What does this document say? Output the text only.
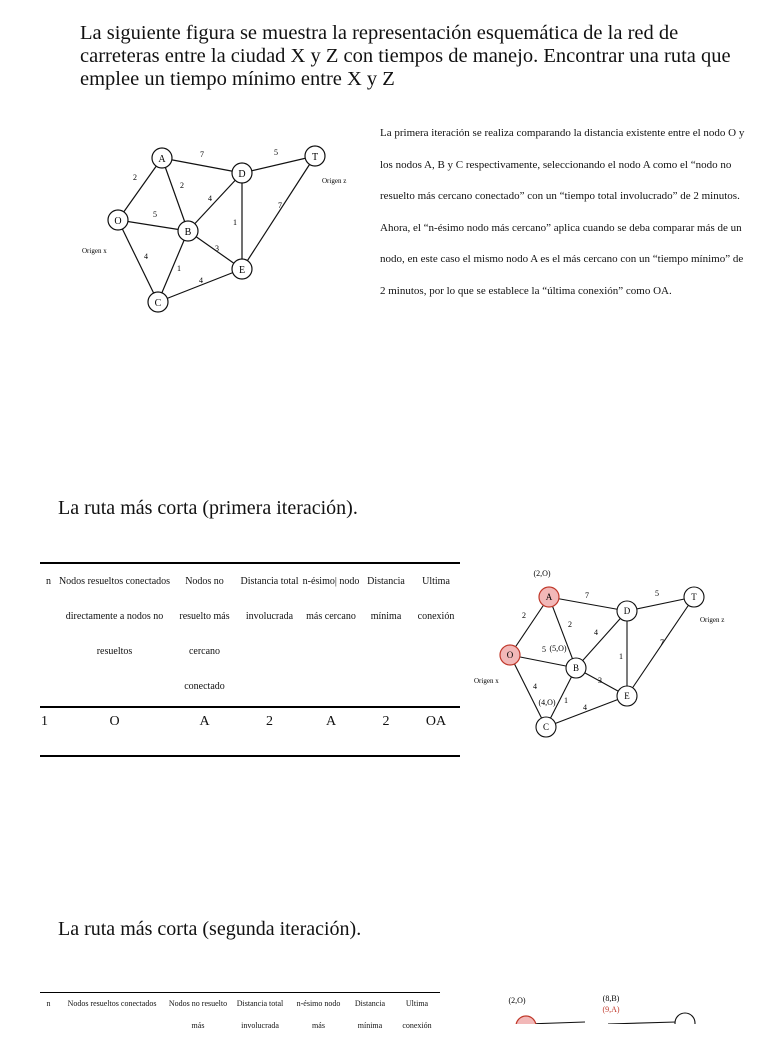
La siguiente figura se muestra la representación esquemática de la red de carreteras entre la ciudad X y Z con tiempos de manejo. Encontrar una ruta que emplee un tiempo mínimo entre X y Z

O
A
B
C
D
E
T
2
5
4
2
7
4
3
1
4
1
5
7
Origen x
Origen z

La primera iteración se realiza comparando la distancia existente entre el nodo O y los nodos A, B y C respectivamente, seleccionando el nodo A como el “nodo no resuelto más cercano conectado” con un “tiempo total involucrado” de 2 minutos.

Ahora, el “n-ésimo nodo más cercano” aplica cuando se deba comparar más de un nodo, en este caso el mismo nodo A es el más cercano con un “tiempo mínimo” de 2 minutos, por lo que se establece la “última conexión” como OA.

La ruta más corta (primera iteración).

n	Nodos resueltos conectados directamente a nodos no resueltos	Nodos no resuelto más cercano conectado	Distancia total involucrada	n-ésimo| nodo más cercano	Distancia mínima	Ultima conexión
1	O	A	2	A	2	OA
O
A
B
C
D
E
T
(2,O)
(5,O)
(4,O)
2
5
4
2
7
4
3
1
4
1
5
7
Origen x
Origen z

La ruta más corta (segunda iteración).

n	Nodos resueltos conectados	Nodos no resuelto más	Distancia total involucrada	n-ésimo nodo más	Distancia mínima	Ultima conexión
(2,O)	(8,B)
(9,A)
